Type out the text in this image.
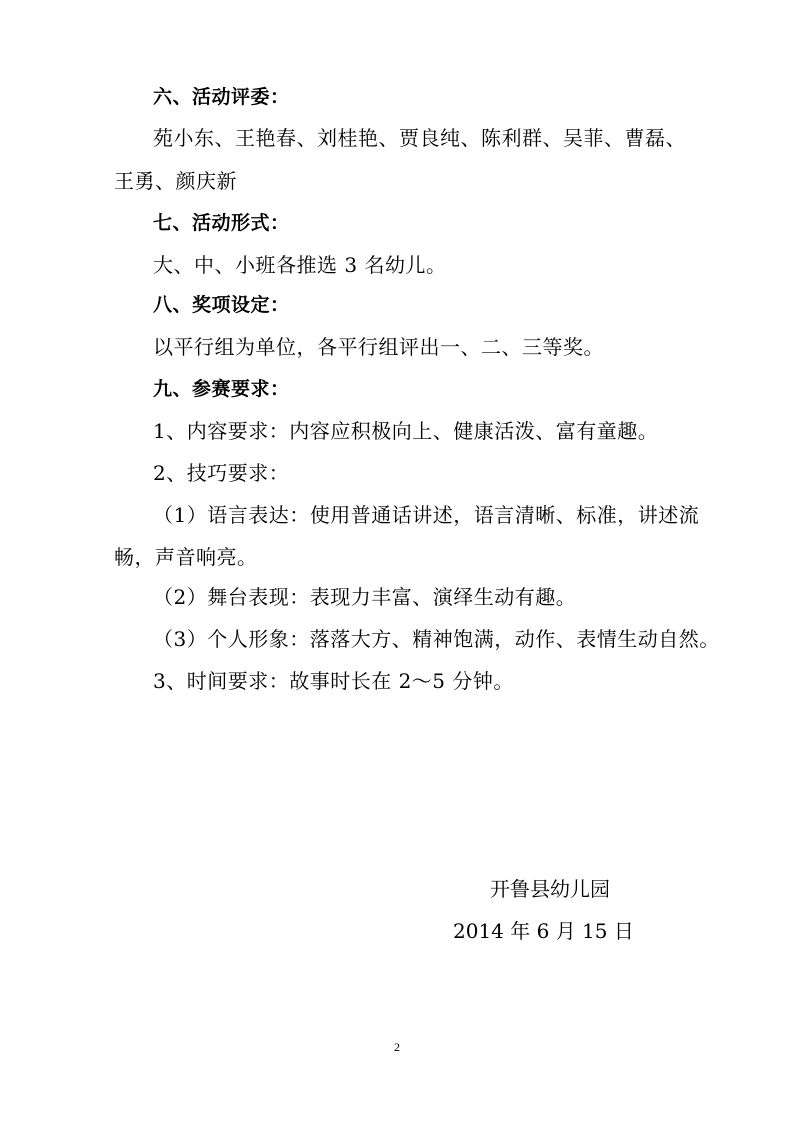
六、活动评委：
苑小东、王艳春、刘桂艳、贾良纯、陈利群、吴菲、曹磊、
王勇、颜庆新
七、活动形式：
大、中、小班各推选 3 名幼儿。
八、奖项设定：
以平行组为单位，各平行组评出一、二、三等奖。
九、参赛要求：
1、内容要求：内容应积极向上、健康活泼、富有童趣。
2、技巧要求：
（1）语言表达：使用普通话讲述，语言清晰、标准，讲述流
畅，声音响亮。
（2）舞台表现：表现力丰富、演绎生动有趣。
（3）个人形象：落落大方、精神饱满，动作、表情生动自然。
3、时间要求：故事时长在 2～5 分钟。
开鲁县幼儿园
2014 年 6 月 15 日
2
